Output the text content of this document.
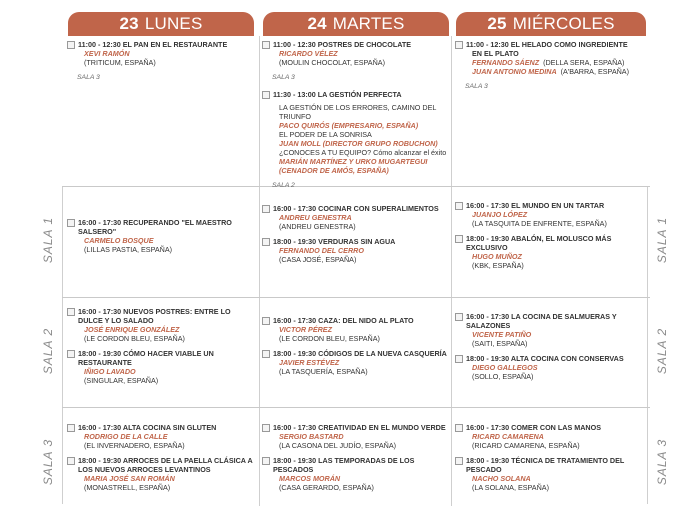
23 LUNES	24 MARTES	25 MIÉRCOLES
SALA 1
SALA 2
SALA 3
SALA 1
SALA 2
SALA 3
11:00 - 12:30 EL PAN EN EL RESTAURANTE
XEVI RAMÓN
(TRITICUM, ESPAÑA)
SALA 3
11:00 - 12:30 POSTRES DE CHOCOLATE
RICARDO VÉLEZ
(MOULIN CHOCOLAT, ESPAÑA)
SALA 3
11:30 - 13:00 LA GESTIÓN PERFECTA
LA GESTIÓN DE LOS ERRORES, CAMINO DEL TRIUNFO
PACO QUIRÓS (EMPRESARIO, ESPAÑA)
EL PODER DE LA SONRISA
JUAN MOLL (DIRECTOR GRUPO ROBUCHON)
¿CONOCES A TU EQUIPO? Cómo alcanzar el éxito
MARIÁN MARTÍNEZ Y URKO MUGARTEGUI
(CENADOR DE AMÓS, ESPAÑA)
SALA 2
11:00 - 12:30 EL HELADO COMO INGREDIENTE
EN EL PLATO
FERNANDO SÁENZ (DELLA SERA, ESPAÑA)
JUAN ANTONIO MEDINA (A'BARRA, ESPAÑA)
SALA 3
16:00 - 17:30 RECUPERANDO "EL MAESTRO SALSERO"
CARMELO BOSQUE
(LILLAS PASTIA, ESPAÑA)
16:00 - 17:30 COCINAR CON SUPERALIMENTOS
ANDREU GENESTRA
(ANDREU GENESTRA)
18:00 - 19:30 VERDURAS SIN AGUA
FERNANDO DEL CERRO
(CASA JOSÉ, ESPAÑA)
16:00 - 17:30 EL MUNDO EN UN TARTAR
JUANJO LÓPEZ
(LA TASQUITA DE ENFRENTE, ESPAÑA)
18:00 - 19:30 ABALÓN, EL MOLUSCO MÁS EXCLUSIVO
HUGO MUÑOZ
(KBK, ESPAÑA)
16:00 - 17:30 NUEVOS POSTRES: ENTRE LO DULCE Y LO SALADO
JOSÉ ENRIQUE GONZÁLEZ
(LE CORDON BLEU, ESPAÑA)
18:00 - 19:30 CÓMO HACER VIABLE UN RESTAURANTE
IÑIGO LAVADO
(SINGULAR, ESPAÑA)
16:00 - 17:30 CAZA: DEL NIDO AL PLATO
VICTOR PÉREZ
(LE CORDON BLEU, ESPAÑA)
18:00 - 19:30 CÓDIGOS DE LA NUEVA CASQUERÍA
JAVIER ESTÉVEZ
(LA TASQUERÍA, ESPAÑA)
16:00 - 17:30 LA COCINA DE SALMUERAS Y SALAZONES
VICENTE PATIÑO
(SAITI, ESPAÑA)
18:00 - 19:30 ALTA COCINA CON CONSERVAS
DIEGO GALLEGOS
(SOLLO, ESPAÑA)
16:00 - 17:30 ALTA COCINA SIN GLUTEN
RODRIGO DE LA CALLE
(EL INVERNADERO, ESPAÑA)
18:00 - 19:30 ARROCES DE LA PAELLA CLÁSICA A LOS NUEVOS ARROCES LEVANTINOS
MARIA JOSÉ SAN ROMÁN
(MONASTRELL, ESPAÑA)
16:00 - 17:30 CREATIVIDAD EN EL MUNDO VERDE
SERGIO BASTARD
(LA CASONA DEL JUDÍO, ESPAÑA)
18:00 - 19:30 LAS TEMPORADAS DE LOS PESCADOS
MARCOS MORÁN
(CASA GERARDO, ESPAÑA)
16:00 - 17:30 COMER CON LAS MANOS
RICARD CAMARENA
(RICARD CAMARENA, ESPAÑA)
18:00 - 19:30 TÉCNICA DE TRATAMIENTO DEL PESCADO
NACHO SOLANA
(LA SOLANA, ESPAÑA)
